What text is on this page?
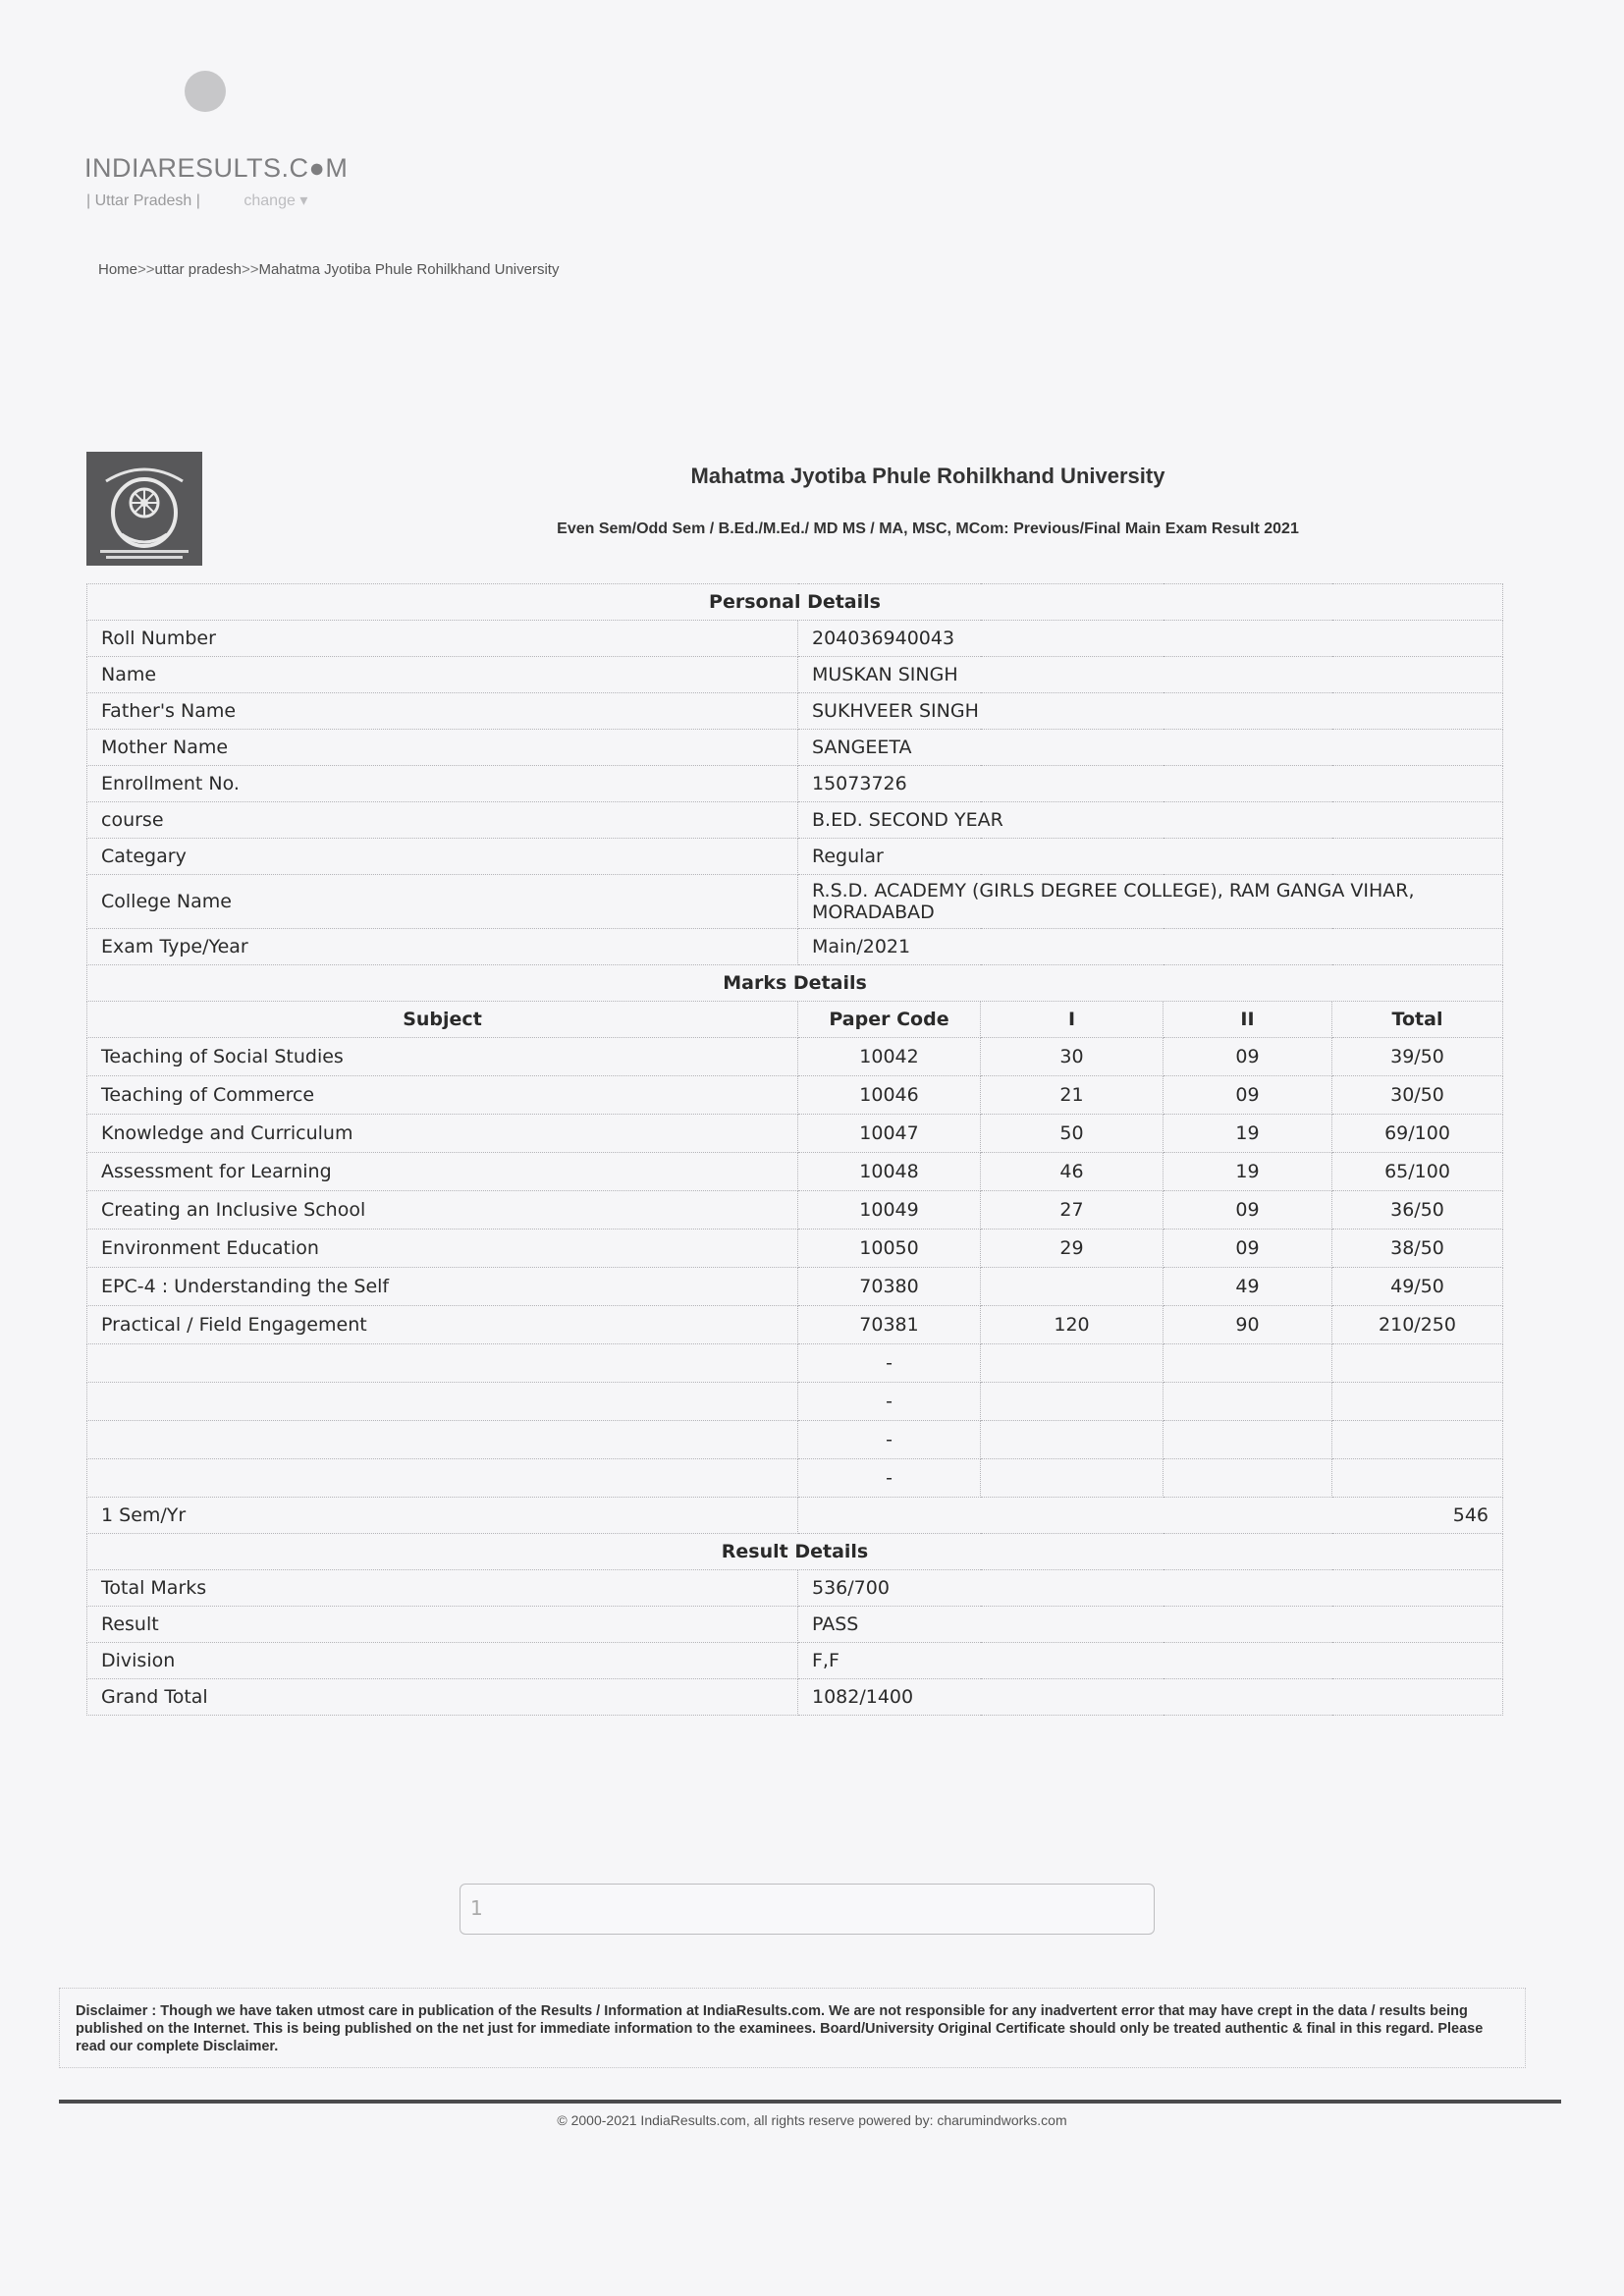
INDIARESULTS.C●M
| Uttar Pradesh |	change ▾
Home>>uttar pradesh>>Mahatma Jyotiba Phule Rohilkhand University
Mahatma Jyotiba Phule Rohilkhand University
Even Sem/Odd Sem / B.Ed./M.Ed./ MD MS / MA, MSC, MCom: Previous/Final Main Exam Result 2021
Personal Details				
Roll Number	204036940043			
Name	MUSKAN SINGH			
Father's Name	SUKHVEER SINGH			
Mother Name	SANGEETA			
Enrollment No.	15073726			
course	B.ED. SECOND YEAR			
Categary	Regular			
College Name	R.S.D. ACADEMY (GIRLS DEGREE COLLEGE), RAM GANGA VIHAR, MORADABAD			
Exam Type/Year	Main/2021			
Marks Details				
Subject	Paper Code	I	II	Total
Teaching of Social Studies	10042	30	09	39/50
Teaching of Commerce	10046	21	09	30/50
Knowledge and Curriculum	10047	50	19	69/100
Assessment for Learning	10048	46	19	65/100
Creating an Inclusive School	10049	27	09	36/50
Environment Education	10050	29	09	38/50
EPC-4 : Understanding the Self	70380		49	49/50
Practical / Field Engagement	70381	120	90	210/250
	-			
	-			
	-			
	-			
1 Sem/Yr	546			
Result Details				
Total Marks	536/700			
Result	PASS			
Division	F,F			
Grand Total	1082/1400			
1
Disclaimer : Though we have taken utmost care in publication of the Results / Information at IndiaResults.com. We are not responsible for any inadvertent error that may have crept in the data / results being published on the Internet. This is being published on the net just for immediate information to the examinees. Board/University Original Certificate should only be treated authentic & final in this regard. Please read our complete Disclaimer.
© 2000-2021 IndiaResults.com, all rights reserve powered by: charumindworks.com
